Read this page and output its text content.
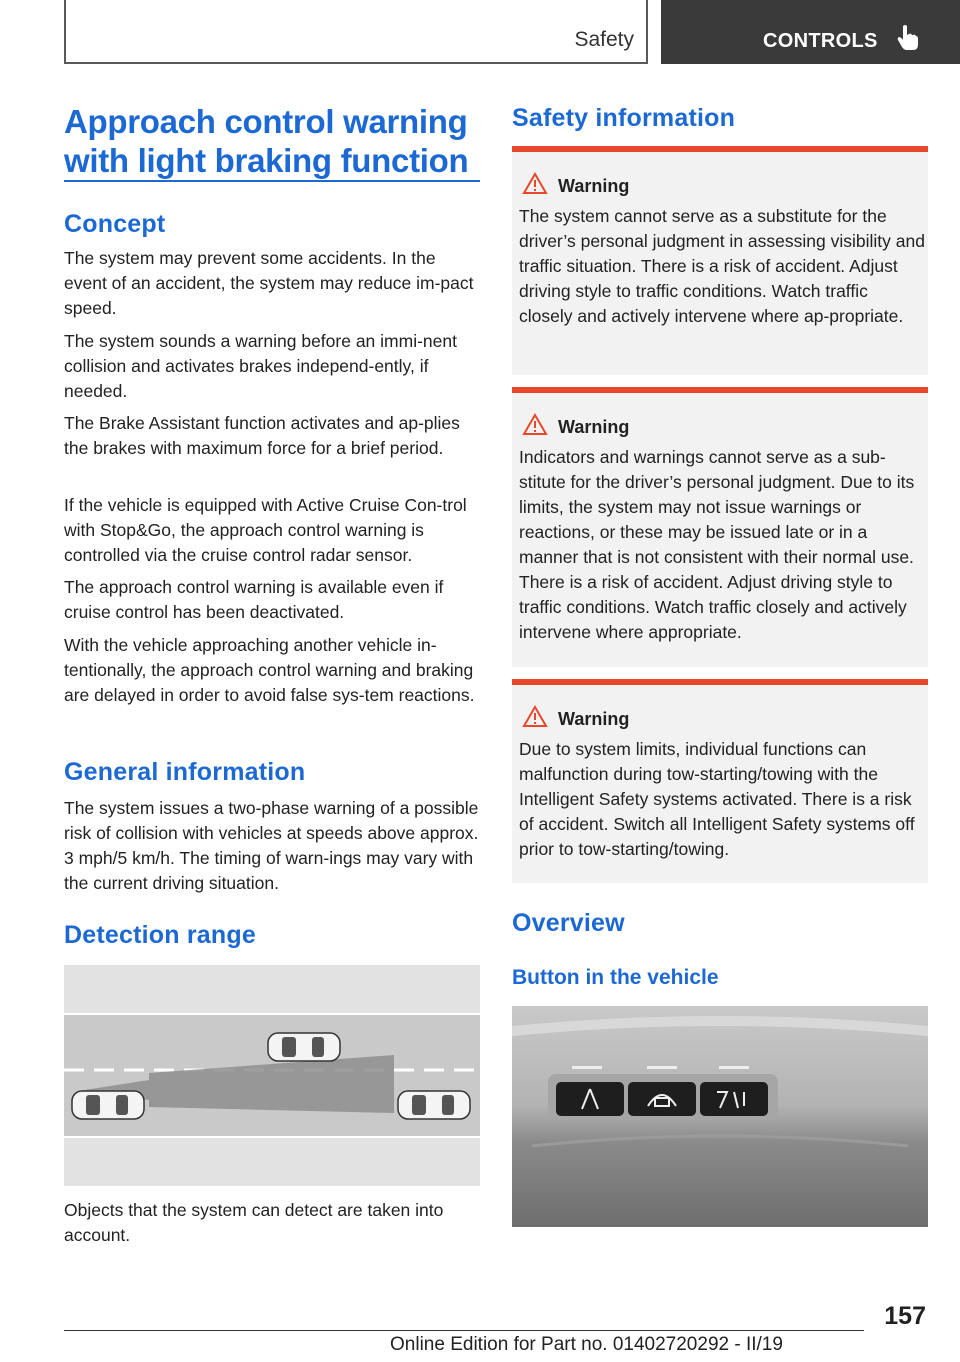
Safety	CONTROLS
Approach control warning
with light braking function
Concept

The system may prevent some accidents. In the event of an accident, the system may reduce im-pact speed.

The system sounds a warning before an immi-nent collision and activates brakes independ-ently, if needed.

The Brake Assistant function activates and ap-plies the brakes with maximum force for a brief period.

If the vehicle is equipped with Active Cruise Con-trol with Stop&Go, the approach control warning is controlled via the cruise control radar sensor.

The approach control warning is available even if cruise control has been deactivated.

With the vehicle approaching another vehicle in-tentionally, the approach control warning and braking are delayed in order to avoid false sys-tem reactions.

General information

The system issues a two-phase warning of a possible risk of collision with vehicles at speeds above approx. 3 mph/5 km/h. The timing of warn-ings may vary with the current driving situation.

Detection range

Objects that the system can detect are taken into account.

Safety information
Warning
The system cannot serve as a substitute for the driver’s personal judgment in assessing visibility and traffic situation. There is a risk of accident. Adjust driving style to traffic conditions. Watch traffic closely and actively intervene where ap-propriate.
Warning
Indicators and warnings cannot serve as a sub-stitute for the driver’s personal judgment. Due to its limits, the system may not issue warnings or reactions, or these may be issued late or in a manner that is not consistent with their normal use. There is a risk of accident. Adjust driving style to traffic conditions. Watch traffic closely and actively intervene where appropriate.
Warning
Due to system limits, individual functions can malfunction during tow-starting/towing with the Intelligent Safety systems activated. There is a risk of accident. Switch all Intelligent Safety systems off prior to tow-starting/towing.
Overview
Button in the vehicle
157
Online Edition for Part no. 01402720292 - II/19
